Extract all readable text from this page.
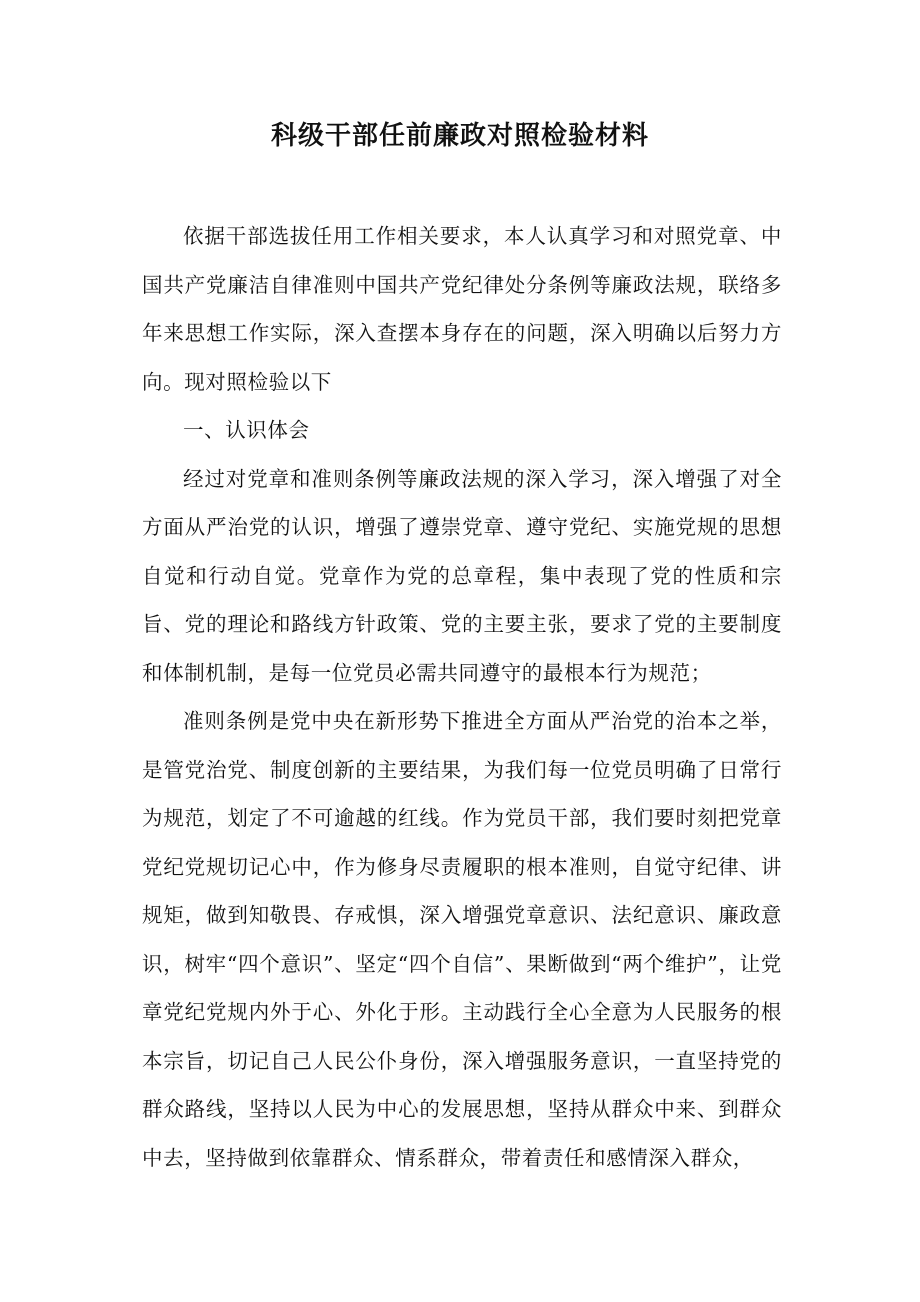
科级干部任前廉政对照检验材料

依据干部选拔任用工作相关要求，本人认真学习和对照党章、中国共产党廉洁自律准则中国共产党纪律处分条例等廉政法规，联络多年来思想工作实际，深入查摆本身存在的问题，深入明确以后努力方向。现对照检验以下

一、认识体会

经过对党章和准则条例等廉政法规的深入学习，深入增强了对全方面从严治党的认识，增强了遵崇党章、遵守党纪、实施党规的思想自觉和行动自觉。党章作为党的总章程，集中表现了党的性质和宗旨、党的理论和路线方针政策、党的主要主张，要求了党的主要制度和体制机制，是每一位党员必需共同遵守的最根本行为规范；

准则条例是党中央在新形势下推进全方面从严治党的治本之举，是管党治党、制度创新的主要结果，为我们每一位党员明确了日常行为规范，划定了不可逾越的红线。作为党员干部，我们要时刻把党章党纪党规切记心中，作为修身尽责履职的根本准则，自觉守纪律、讲规矩，做到知敬畏、存戒惧，深入增强党章意识、法纪意识、廉政意识，树牢“四个意识”、坚定“四个自信”、果断做到“两个维护”，让党章党纪党规内外于心、外化于形。主动践行全心全意为人民服务的根本宗旨，切记自己人民公仆身份，深入增强服务意识，一直坚持党的群众路线，坚持以人民为中心的发展思想，坚持从群众中来、到群众中去，坚持做到依靠群众、情系群众，带着责任和感情深入群众，
